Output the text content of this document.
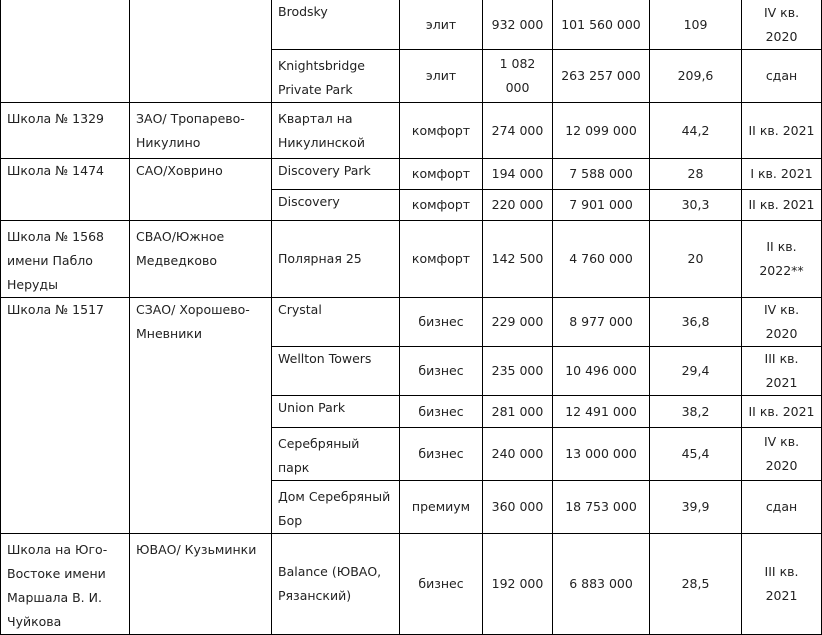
		Brodsky	элит	932 000	101 560 000	109	IV кв. 2020
		Knightsbridge Private Park	элит	1 082 000	263 257 000	209,6	сдан
Школа № 1329	ЗАО/ Тропарево-Никулино	Квартал на Никулинской	комфорт	274 000	12 099 000	44,2	II кв. 2021
Школа № 1474	САО/Ховрино	Discovery Park	комфорт	194 000	7 588 000	28	I кв. 2021
		Discovery	комфорт	220 000	7 901 000	30,3	II кв. 2021
Школа № 1568 имени Пабло Неруды	СВАО/Южное Медведково	Полярная 25	комфорт	142 500	4 760 000	20	II кв. 2022**
Школа № 1517	СЗАО/ Хорошево-Мневники	Crystal	бизнес	229 000	8 977 000	36,8	IV кв. 2020
		Wellton Towers	бизнес	235 000	10 496 000	29,4	III кв. 2021
		Union Park	бизнес	281 000	12 491 000	38,2	II кв. 2021
		Серебряный парк	бизнес	240 000	13 000 000	45,4	IV кв. 2020
		Дом Серебряный Бор	премиум	360 000	18 753 000	39,9	сдан
Школа на Юго-Востоке имени Маршала В. И. Чуйкова	ЮВАО/ Кузьминки	Balance (ЮВАО, Рязанский)	бизнес	192 000	6 883 000	28,5	III кв. 2021
